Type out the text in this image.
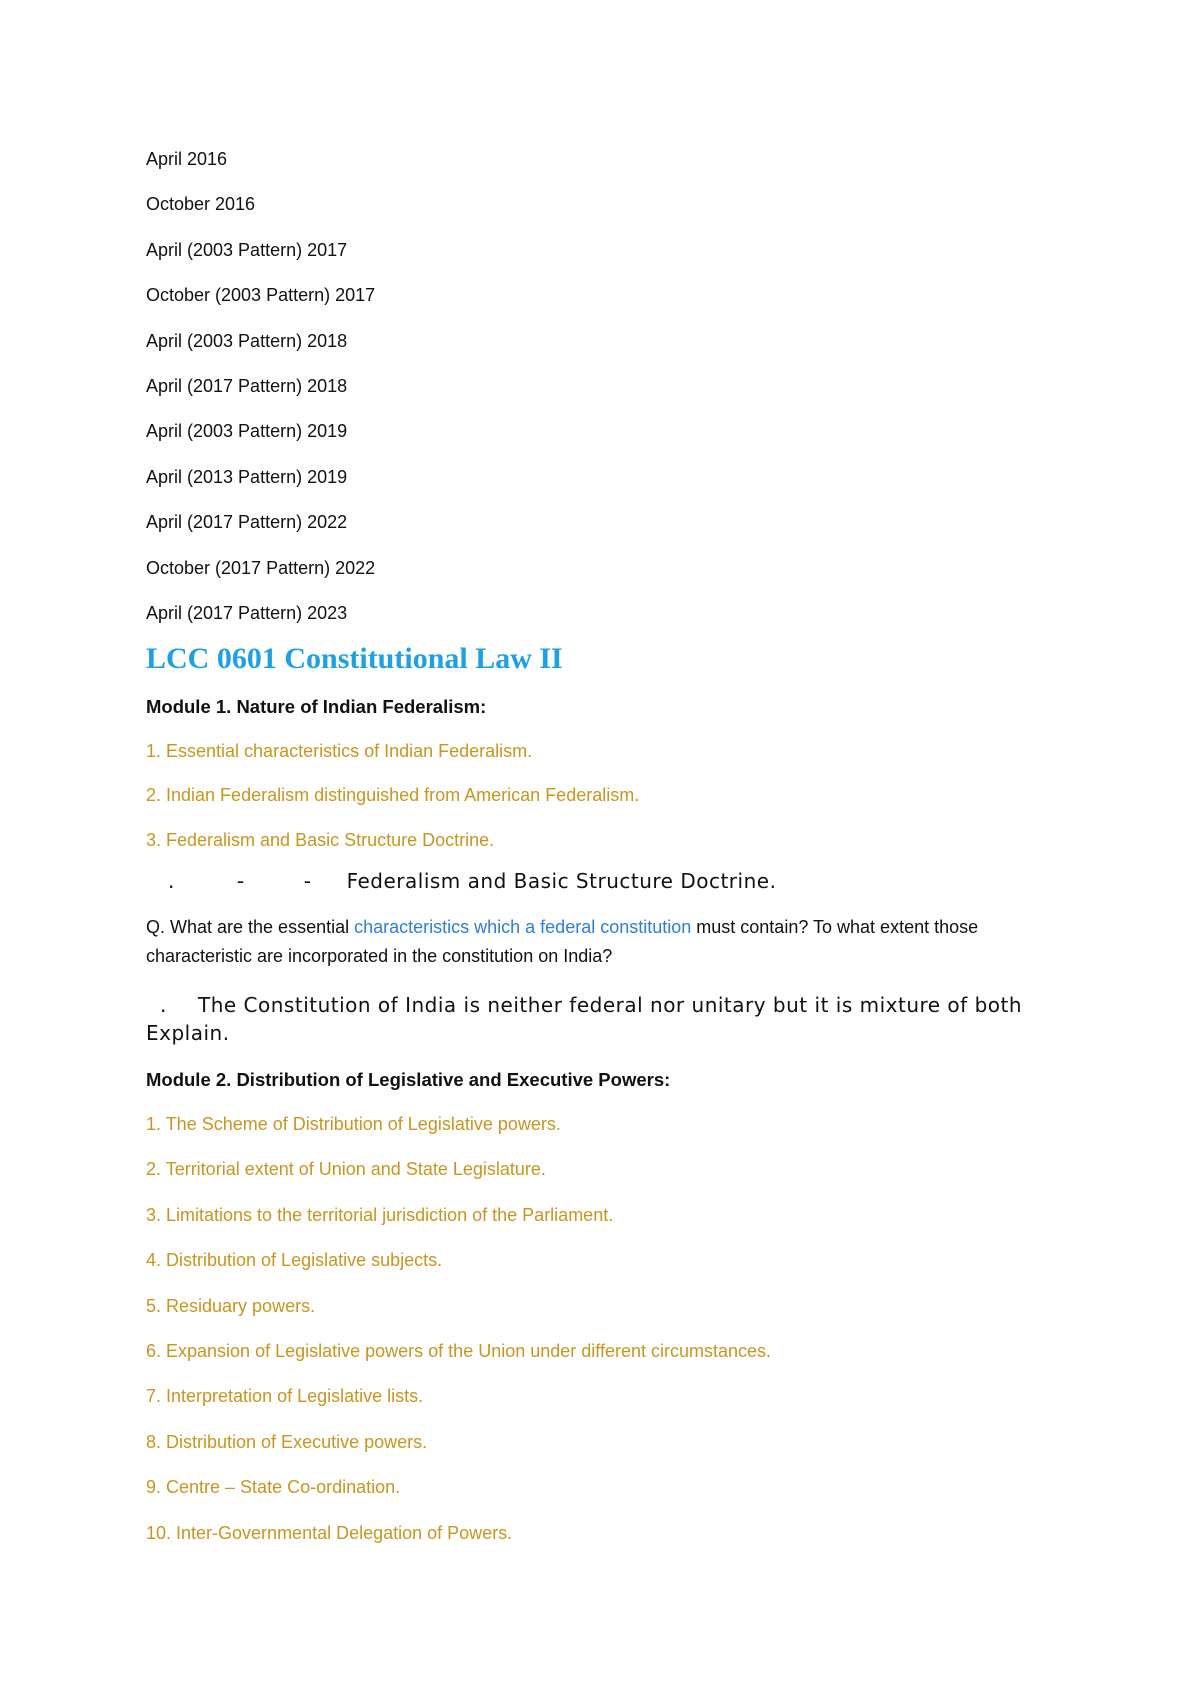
April 2016
October 2016
April (2003 Pattern) 2017
October (2003 Pattern) 2017
April (2003 Pattern) 2018
April (2017 Pattern) 2018
April (2003 Pattern) 2019
April (2013 Pattern) 2019
April (2017 Pattern) 2022
October (2017 Pattern) 2022
April (2017 Pattern) 2023
LCC 0601 Constitutional Law II
Module 1. Nature of Indian Federalism:
1. Essential characteristics of Indian Federalism.
2. Indian Federalism distinguished from American Federalism.
3. Federalism and Basic Structure Doctrine.
.	-	- Federalism and Basic Structure Doctrine.
Q. What are the essential characteristics which a federal constitution must contain? To what extent those characteristic are incorporated in the constitution on India?
. The Constitution of India is neither federal nor unitary but it is mixture of both Explain.
Module 2. Distribution of Legislative and Executive Powers:
1. The Scheme of Distribution of Legislative powers.
2. Territorial extent of Union and State Legislature.
3. Limitations to the territorial jurisdiction of the Parliament.
4. Distribution of Legislative subjects.
5. Residuary powers.
6. Expansion of Legislative powers of the Union under different circumstances.
7. Interpretation of Legislative lists.
8. Distribution of Executive powers.
9. Centre – State Co-ordination.
10. Inter-Governmental Delegation of Powers.
